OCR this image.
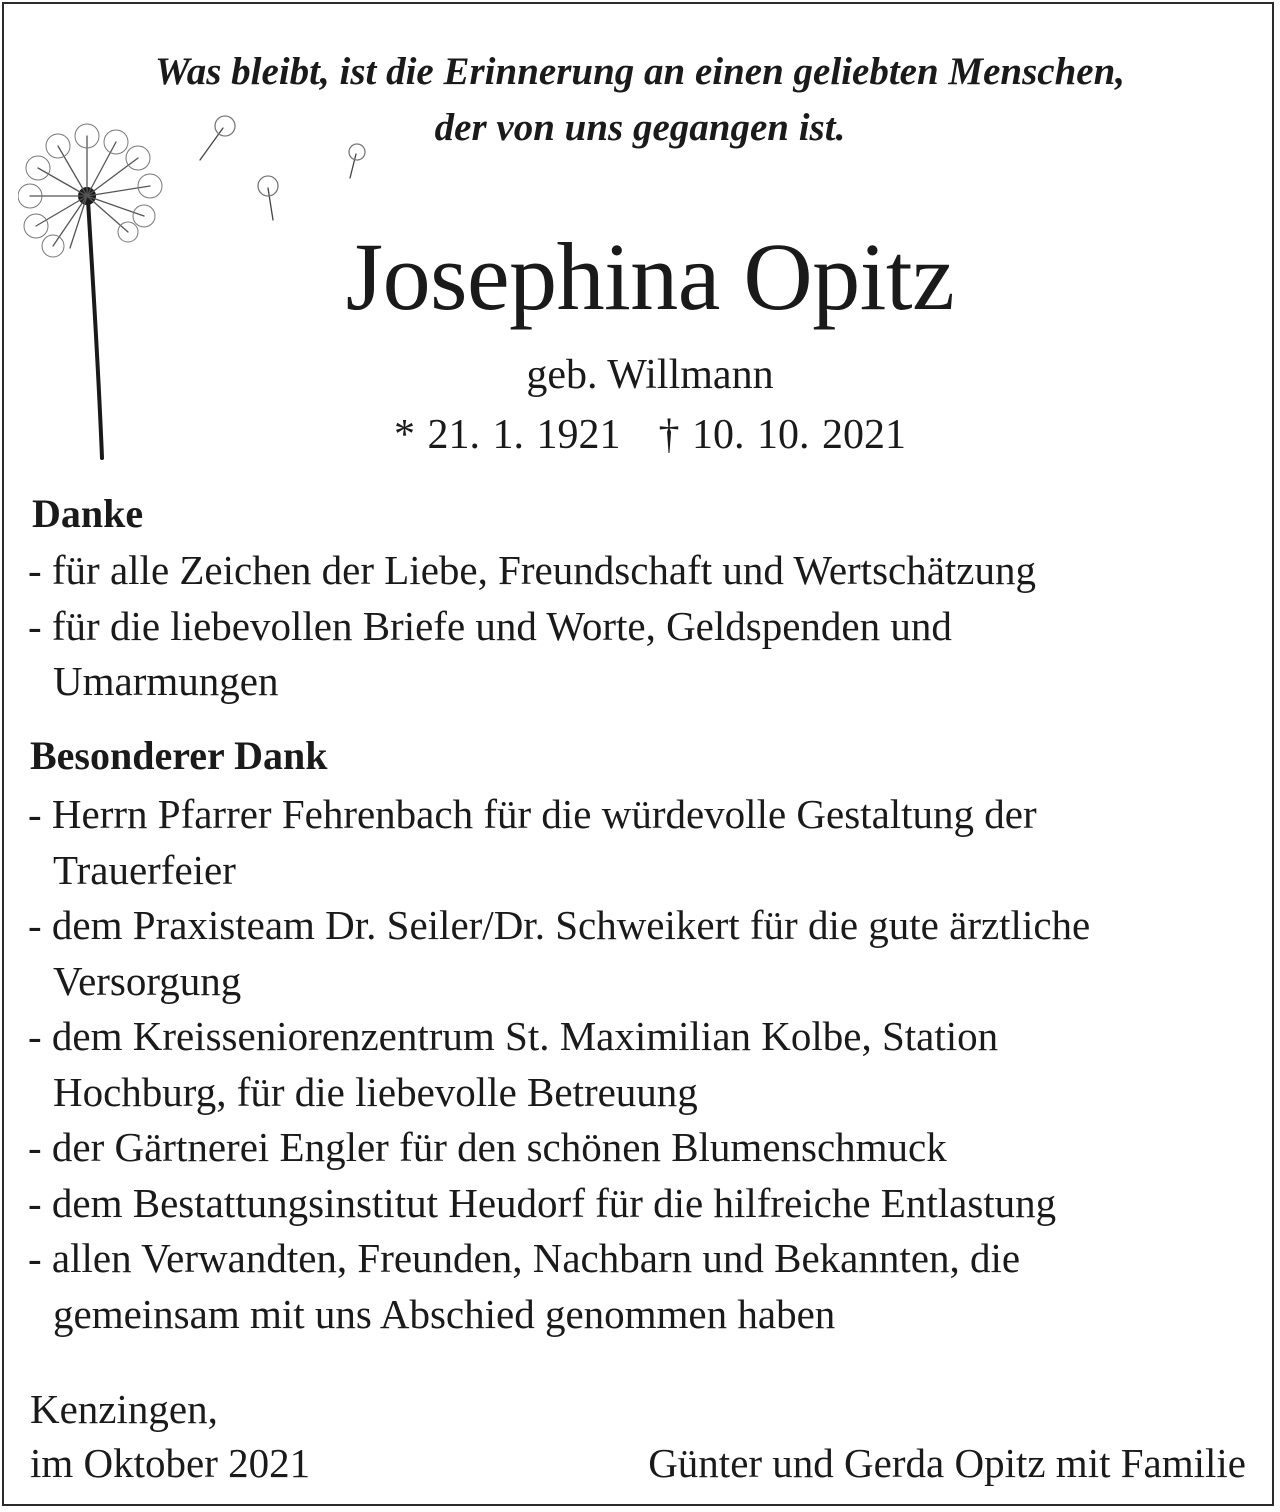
Was bleibt, ist die Erinnerung an einen geliebten Menschen,
der von uns gegangen ist.
Josephina Opitz
geb. Willmann
* 21. 1. 1921 † 10. 10. 2021
Danke
- für alle Zeichen der Liebe, Freundschaft und Wertschätzung
- für die liebevollen Briefe und Worte, Geldspenden und Umarmungen
Besonderer Dank
- Herrn Pfarrer Fehrenbach für die würdevolle Gestaltung der Trauerfeier
- dem Praxisteam Dr. Seiler/Dr. Schweikert für die gute ärztliche Versorgung
- dem Kreisseniorenzentrum St. Maximilian Kolbe, Station Hochburg, für die liebevolle Betreuung
- der Gärtnerei Engler für den schönen Blumenschmuck
- dem Bestattungsinstitut Heudorf für die hilfreiche Entlastung
- allen Verwandten, Freunden, Nachbarn und Bekannten, die gemeinsam mit uns Abschied genommen haben
Kenzingen,
im Oktober 2021	Günter und Gerda Opitz mit Familie
